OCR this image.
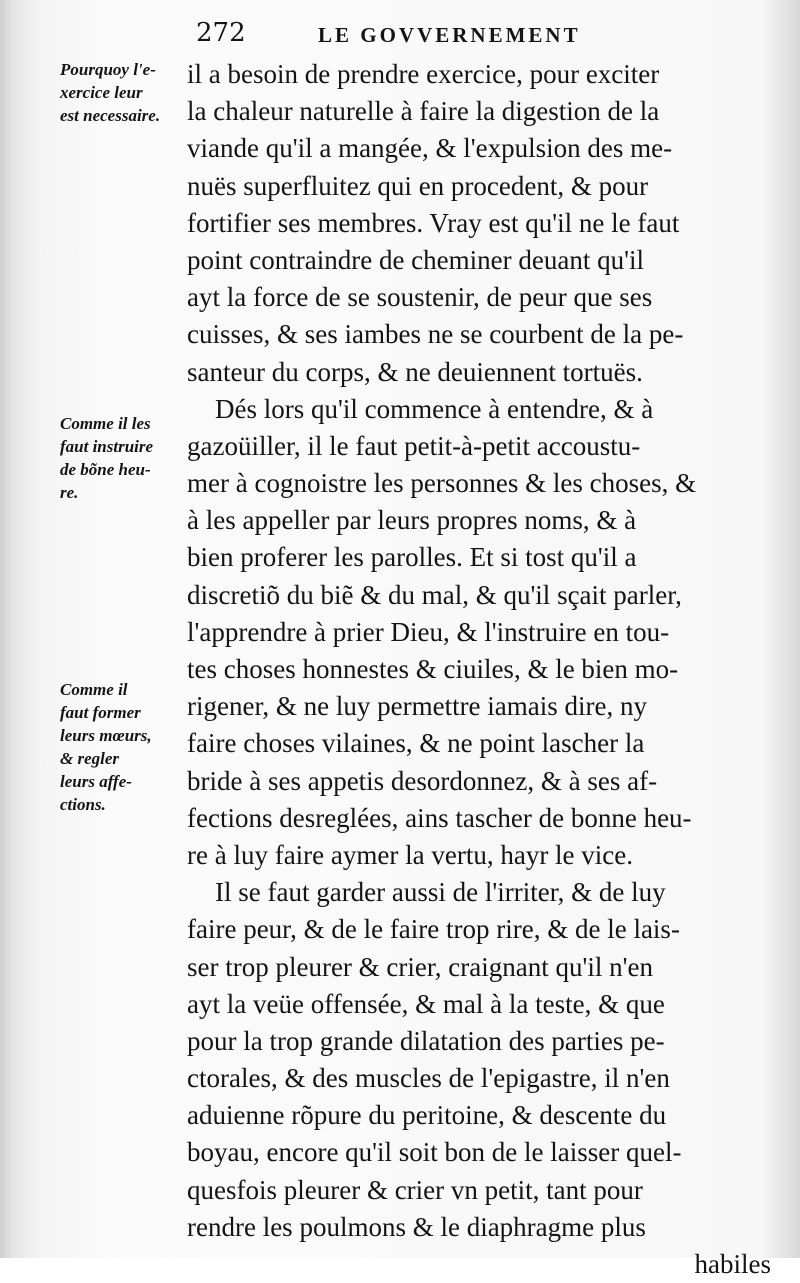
272	LE GOVVERNEMENT
Pourquoy l'e-
xercice leur
est necessaire.
Comme il les
faut instruire
de bõne heu-
re.
Comme il
faut former
leurs mœurs,
& regler
leurs affe-
ctions.
il a besoin de prendre exercice, pour exciter
la chaleur naturelle à faire la digestion de la
viande qu'il a mangée, & l'expulsion des me-
nuës superfluitez qui en procedent, & pour
fortifier ses membres. Vray est qu'il ne le faut
point contraindre de cheminer deuant qu'il
ayt la force de se soustenir, de peur que ses
cuisses, & ses iambes ne se courbent de la pe-
santeur du corps, & ne deuiennent tortuës.
Dés lors qu'il commence à entendre, & à
gazoüiller, il le faut petit-à-petit accoustu-
mer à cognoistre les personnes & les choses, &
à les appeller par leurs propres noms, & à
bien proferer les parolles. Et si tost qu'il a
discretiõ du biẽ & du mal, & qu'il sçait parler,
l'apprendre à prier Dieu, & l'instruire en tou-
tes choses honnestes & ciuiles, & le bien mo-
rigener, & ne luy permettre iamais dire, ny
faire choses vilaines, & ne point lascher la
bride à ses appetis desordonnez, & à ses af-
fections desreglées, ains tascher de bonne heu-
re à luy faire aymer la vertu, hayr le vice.
Il se faut garder aussi de l'irriter, & de luy
faire peur, & de le faire trop rire, & de le lais-
ser trop pleurer & crier, craignant qu'il n'en
ayt la veüe offensée, & mal à la teste, & que
pour la trop grande dilatation des parties pe-
ctorales, & des muscles de l'epigastre, il n'en
aduienne rõpure du peritoine, & descente du
boyau, encore qu'il soit bon de le laisser quel-
quesfois pleurer & crier vn petit, tant pour
rendre les poulmons & le diaphragme plus
habiles
